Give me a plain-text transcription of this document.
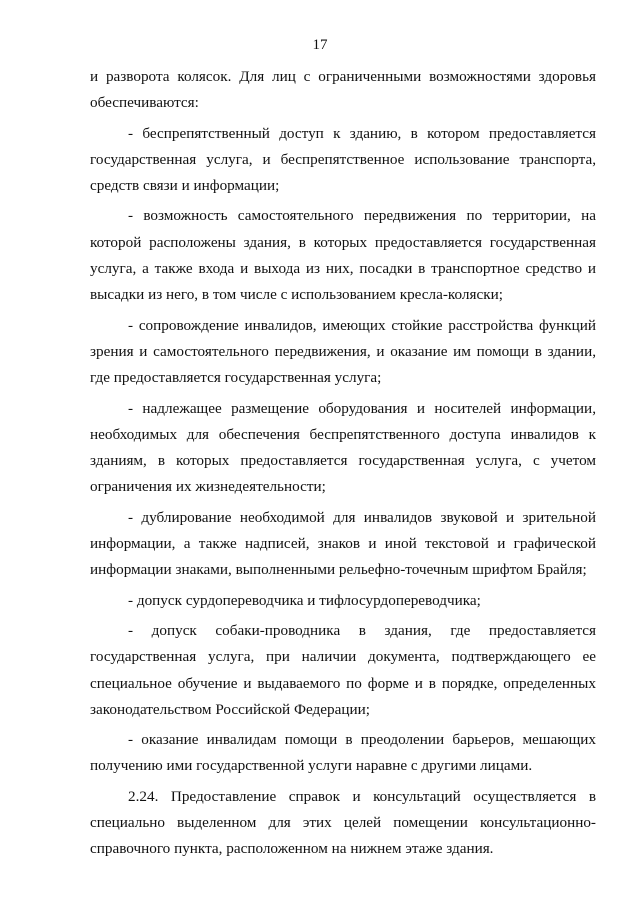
17

и разворота колясок. Для лиц с ограниченными возможностями здоровья обеспечиваются:

- беспрепятственный доступ к зданию, в котором предоставляется государственная услуга, и беспрепятственное использование транспорта, средств связи и информации;

- возможность самостоятельного передвижения по территории, на которой расположены здания, в которых предоставляется государственная услуга, а также входа и выхода из них, посадки в транспортное средство и высадки из него, в том числе с использованием кресла-коляски;

- сопровождение инвалидов, имеющих стойкие расстройства функций зрения и самостоятельного передвижения, и оказание им помощи в здании, где предоставляется государственная услуга;

- надлежащее размещение оборудования и носителей информации, необходимых для обеспечения беспрепятственного доступа инвалидов к зданиям, в которых предоставляется государственная услуга, с учетом ограничения их жизнедеятельности;

- дублирование необходимой для инвалидов звуковой и зрительной информации, а также надписей, знаков и иной текстовой и графической информации знаками, выполненными рельефно-точечным шрифтом Брайля;

- допуск сурдопереводчика и тифлосурдопереводчика;

- допуск собаки-проводника в здания, где предоставляется государственная услуга, при наличии документа, подтверждающего ее специальное обучение и выдаваемого по форме и в порядке, определенных законодательством Российской Федерации;

- оказание инвалидам помощи в преодолении барьеров, мешающих получению ими государственной услуги наравне с другими лицами.

2.24. Предоставление справок и консультаций осуществляется в специально выделенном для этих целей помещении консультационно-справочного пункта, расположенном на нижнем этаже здания.
